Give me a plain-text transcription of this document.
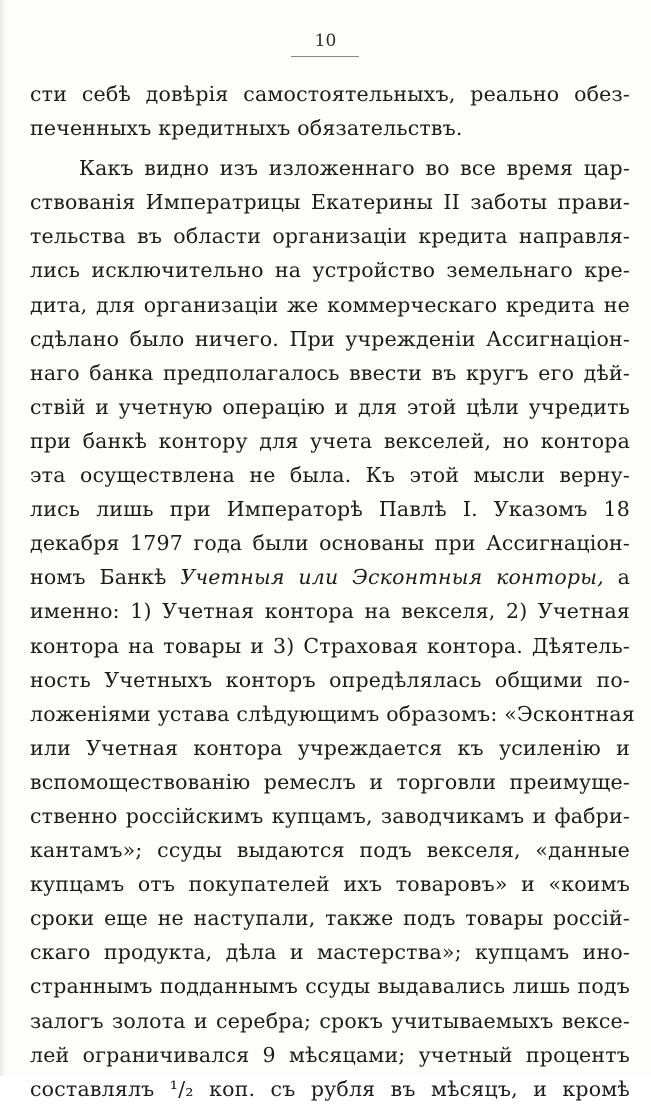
10
сти себѣ довѣрія самостоятельныхъ, реально обез-
печенныхъ кредитныхъ обязательствъ.
Какъ видно изъ изложеннаго во все время цар-
ствованія Императрицы Екатерины II заботы прави-
тельства въ области организаціи кредита направля-
лись исключительно на устройство земельнаго кре-
дита, для организаціи же коммерческаго кредита не
сдѣлано было ничего. При учрежденіи Ассигнаціон-
наго банка предполагалось ввести въ кругъ его дѣй-
ствій и учетную операцію и для этой цѣли учредить
при банкѣ контору для учета векселей, но контора
эта осуществлена не была. Къ этой мысли верну-
лись лишь при Императорѣ Павлѣ I. Указомъ 18
декабря 1797 года были основаны при Ассигнаціон-
номъ Банкѣ Учетныя или Эсконтныя конторы, а
именно: 1) Учетная контора на векселя, 2) Учетная
контора на товары и 3) Страховая контора. Дѣятель-
ность Учетныхъ конторъ опредѣлялась общими по-
ложеніями устава слѣдующимъ образомъ: «Эскoнтная
или Учетная контора учреждается къ усиленію и
вспомоществованію ремеслъ и торговли преимуще-
ственно россійскимъ купцамъ, заводчикамъ и фабри-
кантамъ»; ссуды выдаются подъ векселя, «данные
купцамъ отъ покупателей ихъ товаровъ» и «коимъ
сроки еще не наступали, также подъ товары россій-
скаго продукта, дѣла и мастерства»; купцамъ ино-
страннымъ подданнымъ ссуды выдавались лишь подъ
залогъ золота и серебра; срокъ учитываемыхъ вексе-
лей ограничивался 9 мѣсяцами; учетный процентъ
составлялъ ¹/₂ коп. съ рубля въ мѣсяцъ, и кромѣ
